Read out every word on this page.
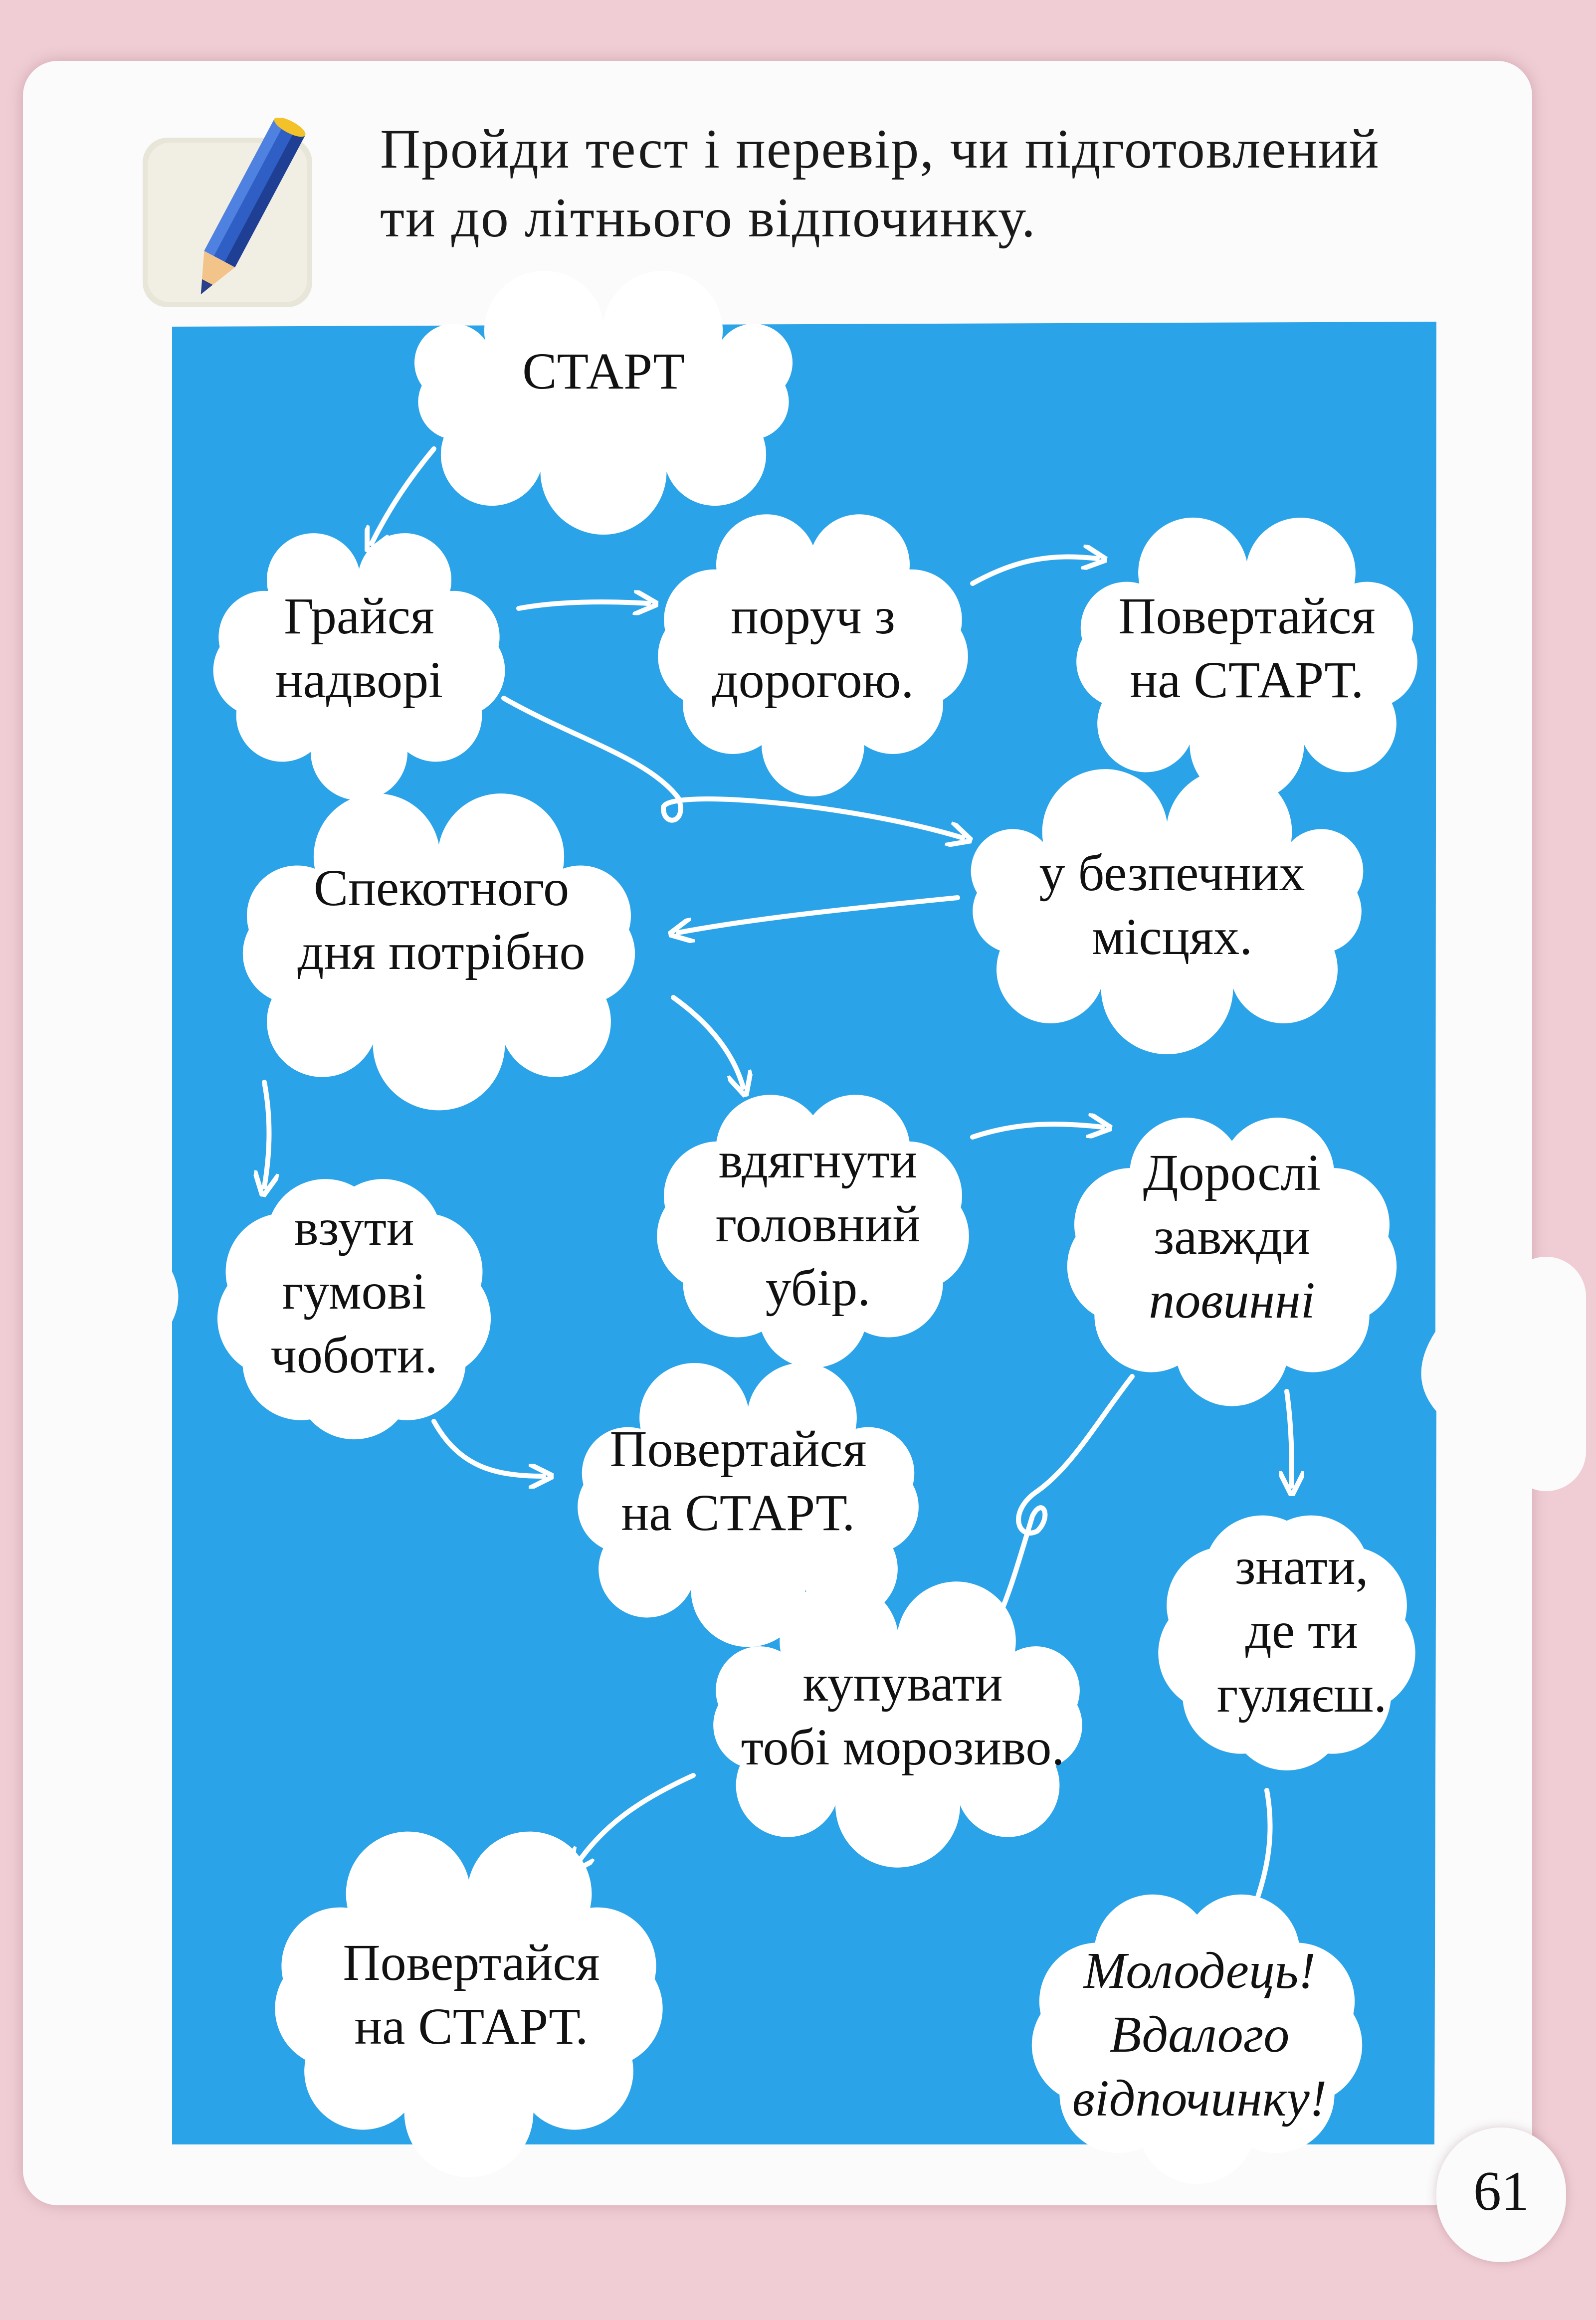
Пройди тест і перевір, чи підготовлений
ти до літнього відпочинку.
СТАРТ
Грайся
надворі
поруч з
дорогою.
Повертайся
на СТАРТ.
у безпечних
місцях.
Спекотного
дня потрібно
вдягнути
головний
убір.
взути
гумові
чоботи.
Дорослі
завжди
повинні
Повертайся
на СТАРТ.
знати,
де ти
гуляєш.
купувати
тобі морозиво.
Повертайся
на СТАРТ.
Молодець!
Вдалого
відпочинку!
61
